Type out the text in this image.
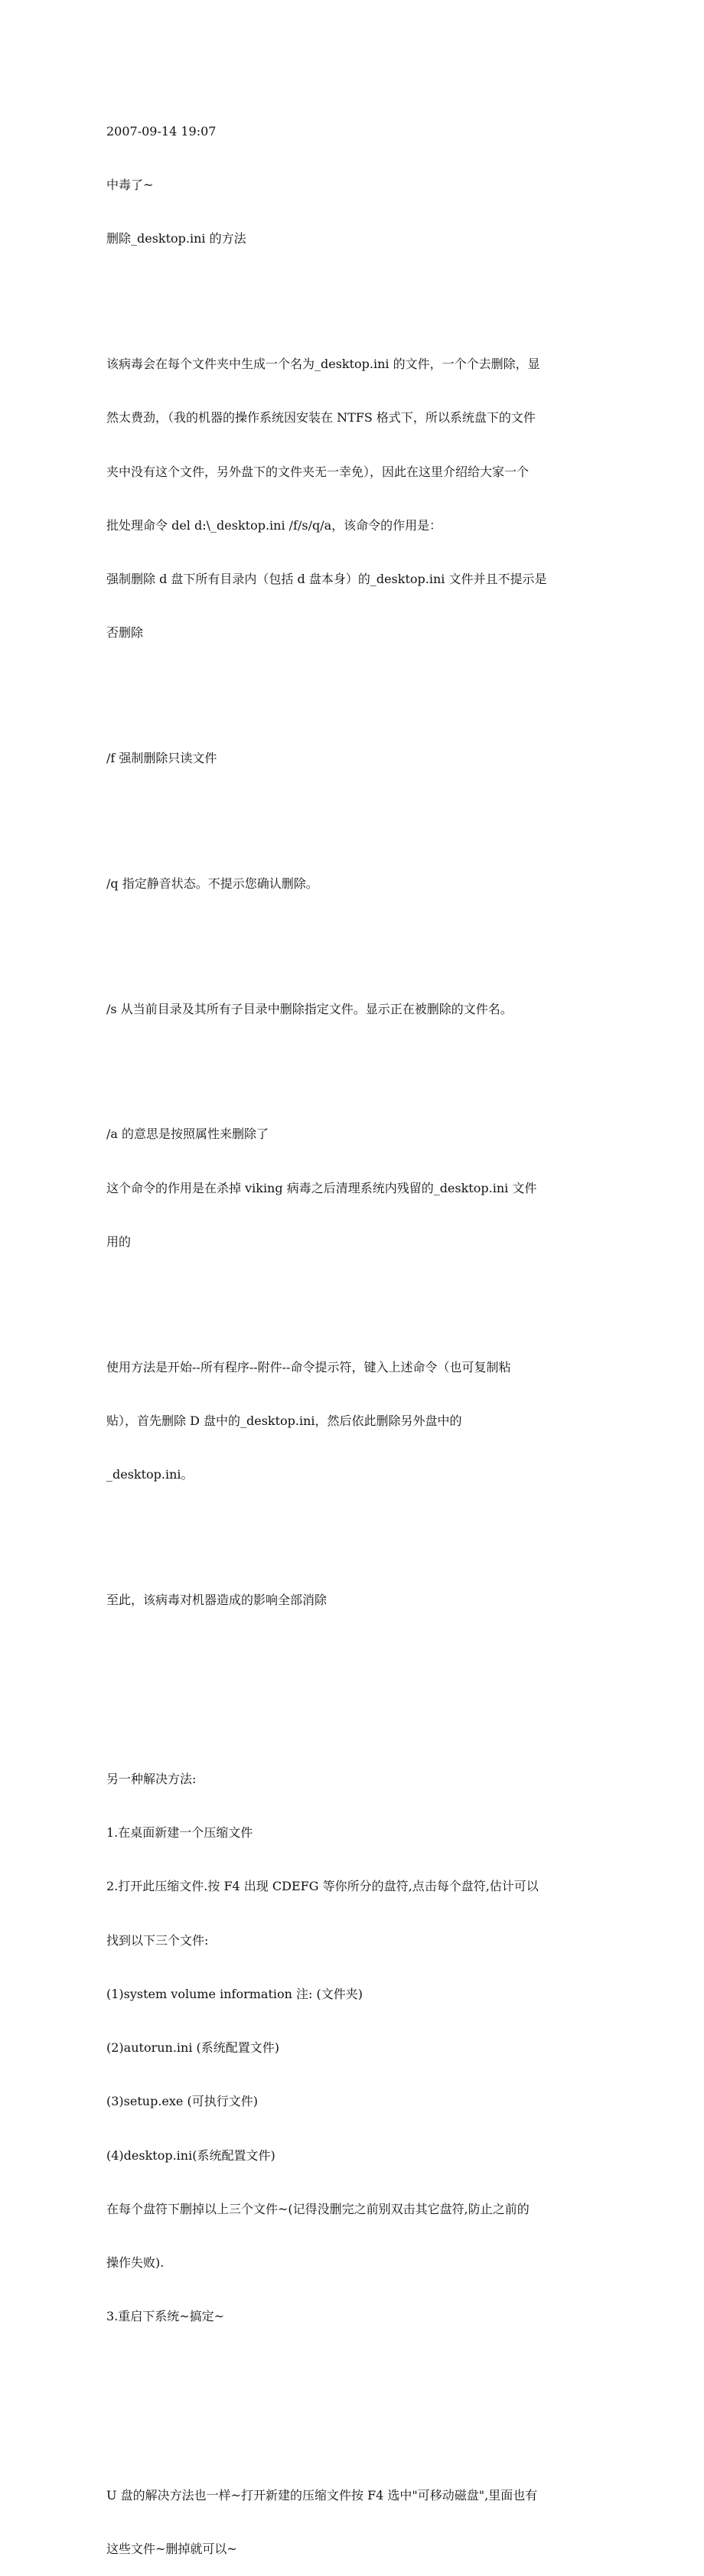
2007-09-14 19:07

中毒了~

删除_desktop.ini 的方法

该病毒会在每个文件夹中生成一个名为_desktop.ini 的文件，一个个去删除，显

然太费劲，（我的机器的操作系统因安装在 NTFS 格式下，所以系统盘下的文件

夹中没有这个文件，另外盘下的文件夹无一幸免），因此在这里介绍给大家一个

批处理命令 del d:\_desktop.ini /f/s/q/a，该命令的作用是：

强制删除 d 盘下所有目录内（包括 d 盘本身）的_desktop.ini 文件并且不提示是

否删除

/f 强制删除只读文件

/q 指定静音状态。不提示您确认删除。

/s 从当前目录及其所有子目录中删除指定文件。显示正在被删除的文件名。

/a 的意思是按照属性来删除了

这个命令的作用是在杀掉 viking 病毒之后清理系统内残留的_desktop.ini 文件

用的

使用方法是开始--所有程序--附件--命令提示符，键入上述命令（也可复制粘

贴），首先删除 D 盘中的_desktop.ini，然后依此删除另外盘中的

_desktop.ini。

至此，该病毒对机器造成的影响全部消除

另一种解决方法:

1.在桌面新建一个压缩文件

2.打开此压缩文件.按 F4 出现 CDEFG 等你所分的盘符,点击每个盘符,估计可以

找到以下三个文件:

(1)system volume information 注: (文件夹)

(2)autorun.ini (系统配置文件)

(3)setup.exe (可执行文件)

(4)desktop.ini(系统配置文件)

在每个盘符下删掉以上三个文件~(记得没删完之前别双击其它盘符,防止之前的

操作失败).

3.重启下系统~搞定~

U 盘的解决方法也一样~打开新建的压缩文件按 F4 选中"可移动磁盘",里面也有

这些文件~删掉就可以~
